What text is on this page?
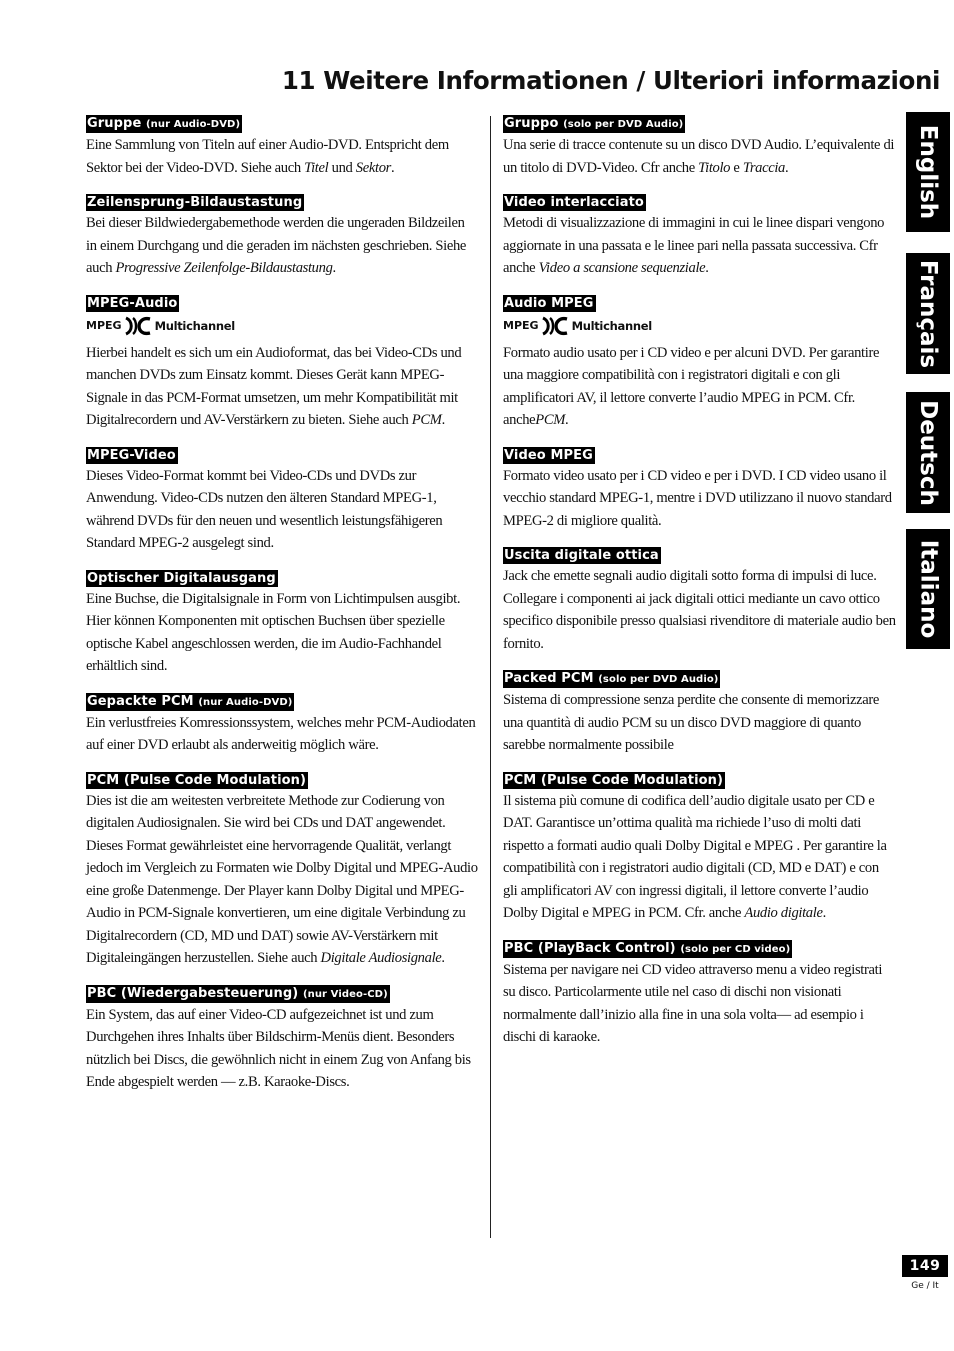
11 Weitere Informationen / Ulteriori informazioni
Gruppe (nur Audio-DVD)
Eine Sammlung von Titeln auf einer Audio-DVD. Entspricht dem Sektor bei der Video-DVD. Siehe auch Titel und Sektor.
Zeilensprung-Bildaustastung
Bei dieser Bildwiedergabemethode werden die ungeraden Bildzeilen in einem Durchgang und die geraden im nächsten geschrieben. Siehe auch Progressive Zeilenfolge-Bildaustastung.
MPEG-Audio
MPEG	Multichannel
Hierbei handelt es sich um ein Audioformat, das bei Video-CDs und manchen DVDs zum Einsatz kommt. Dieses Gerät kann MPEG-Signale in das PCM-Format umsetzen, um mehr Kompatibilität mit Digitalrecordern und AV-Verstärkern zu bieten. Siehe auch PCM.
MPEG-Video
Dieses Video-Format kommt bei Video-CDs und DVDs zur Anwendung. Video-CDs nutzen den älteren Standard MPEG-1, während DVDs für den neuen und wesentlich leistungsfähigeren Standard MPEG-2 ausgelegt sind.
Optischer Digitalausgang
Eine Buchse, die Digitalsignale in Form von Lichtimpulsen ausgibt. Hier können Komponenten mit optischen Buchsen über spezielle optische Kabel angeschlossen werden, die im Audio-Fachhandel erhältlich sind.
Gepackte PCM (nur Audio-DVD)
Ein verlustfreies Komressionssystem, welches mehr PCM-Audiodaten auf einer DVD erlaubt als anderweitig möglich wäre.
PCM (Pulse Code Modulation)
Dies ist die am weitesten verbreitete Methode zur Codierung von digitalen Audiosignalen. Sie wird bei CDs und DAT angewendet. Dieses Format gewährleistet eine hervorragende Qualität, verlangt jedoch im Vergleich zu Formaten wie Dolby Digital und MPEG-Audio eine große Datenmenge. Der Player kann Dolby Digital und MPEG-Audio in PCM-Signale konvertieren, um eine digitale Verbindung zu Digitalrecordern (CD, MD und DAT) sowie AV-Verstärkern mit Digitaleingängen herzustellen. Siehe auch Digitale Audiosignale.
PBC (Wiedergabesteuerung) (nur Video-CD)
Ein System, das auf einer Video-CD aufgezeichnet ist und zum Durchgehen ihres Inhalts über Bildschirm-Menüs dient. Besonders nützlich bei Discs, die gewöhnlich nicht in einem Zug von Anfang bis Ende abgespielt werden — z.B. Karaoke-Discs.
Gruppo (solo per DVD Audio)
Una serie di tracce contenute su un disco DVD Audio. L’equivalente di un titolo di DVD-Video. Cfr anche Titolo e Traccia.
Video interlacciato
Metodi di visualizzazione di immagini in cui le linee dispari vengono aggiornate in una passata e le linee pari nella passata successiva. Cfr anche Video a scansione sequenziale.
Audio MPEG
MPEG	Multichannel
Formato audio usato per i CD video e per alcuni DVD. Per garantire una maggiore compatibilità con i registratori digitali e con gli amplificatori AV, il lettore converte l’audio MPEG in PCM. Cfr. anchePCM.
Video MPEG
Formato video usato per i CD video e per i DVD. I CD video usano il vecchio standard MPEG-1, mentre i DVD utilizzano il nuovo standard MPEG-2 di migliore qualità.
Uscita digitale ottica
Jack che emette segnali audio digitali sotto forma di impulsi di luce. Collegare i componenti ai jack digitali ottici mediante un cavo ottico specifico disponibile presso qualsiasi rivenditore di materiale audio ben fornito.
Packed PCM (solo per DVD Audio)
Sistema di compressione senza perdite che consente di memorizzare una quantità di audio PCM su un disco DVD maggiore di quanto sarebbe normalmente possibile
PCM (Pulse Code Modulation)
Il sistema più comune di codifica dell’audio digitale usato per CD e DAT. Garantisce un’ottima qualità ma richiede l’uso di molti dati rispetto a formati audio quali Dolby Digital e MPEG . Per garantire la compatibilità con i registratori audio digitali (CD, MD e DAT) e con gli amplificatori AV con ingressi digitali, il lettore converte l’audio Dolby Digital e MPEG in PCM. Cfr. anche Audio digitale.
PBC (PlayBack Control) (solo per CD video)
Sistema per navigare nei CD video attraverso menu a video registrati su disco. Particolarmente utile nel caso di dischi non visionati normalmente dall’inizio alla fine in una sola volta— ad esempio i dischi di karaoke.
English
Français
Deutsch
Italiano
149
Ge / It
